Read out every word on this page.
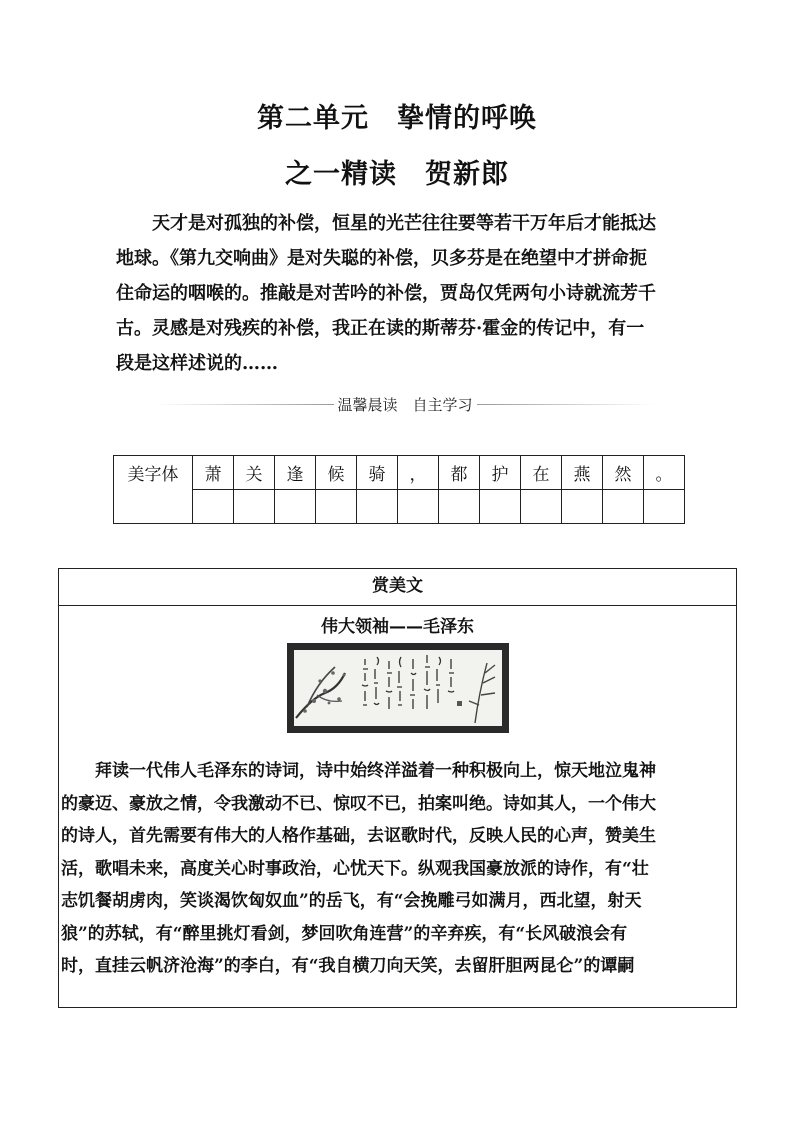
第二单元　挚情的呼唤
之一精读　贺新郎
天才是对孤独的补偿，恒星的光芒往往要等若干万年后才能抵达
地球。《第九交响曲》是对失聪的补偿，贝多芬是在绝望中才拼命扼
住命运的咽喉的。推敲是对苦吟的补偿，贾岛仅凭两句小诗就流芳千
古。灵感是对残疾的补偿，我正在读的斯蒂芬·霍金的传记中，有一
段是这样述说的……
温馨晨读　自主学习
美字体	萧	关	逢	候	骑	，	都	护	在	燕	然	。

赏美文
伟大领袖——毛泽东
拜读一代伟人毛泽东的诗词，诗中始终洋溢着一种积极向上，惊天地泣鬼神
的豪迈、豪放之情，令我激动不已、惊叹不已，拍案叫绝。诗如其人，一个伟大
的诗人，首先需要有伟大的人格作基础，去讴歌时代，反映人民的心声，赞美生
活，歌唱未来，高度关心时事政治，心忧天下。纵观我国豪放派的诗作，有“壮
志饥餐胡虏肉，笑谈渴饮匈奴血”的岳飞，有“会挽雕弓如满月，西北望，射天
狼”的苏轼，有“醉里挑灯看剑，梦回吹角连营”的辛弃疾，有“长风破浪会有
时，直挂云帆济沧海”的李白，有“我自横刀向天笑，去留肝胆两昆仑”的谭嗣
